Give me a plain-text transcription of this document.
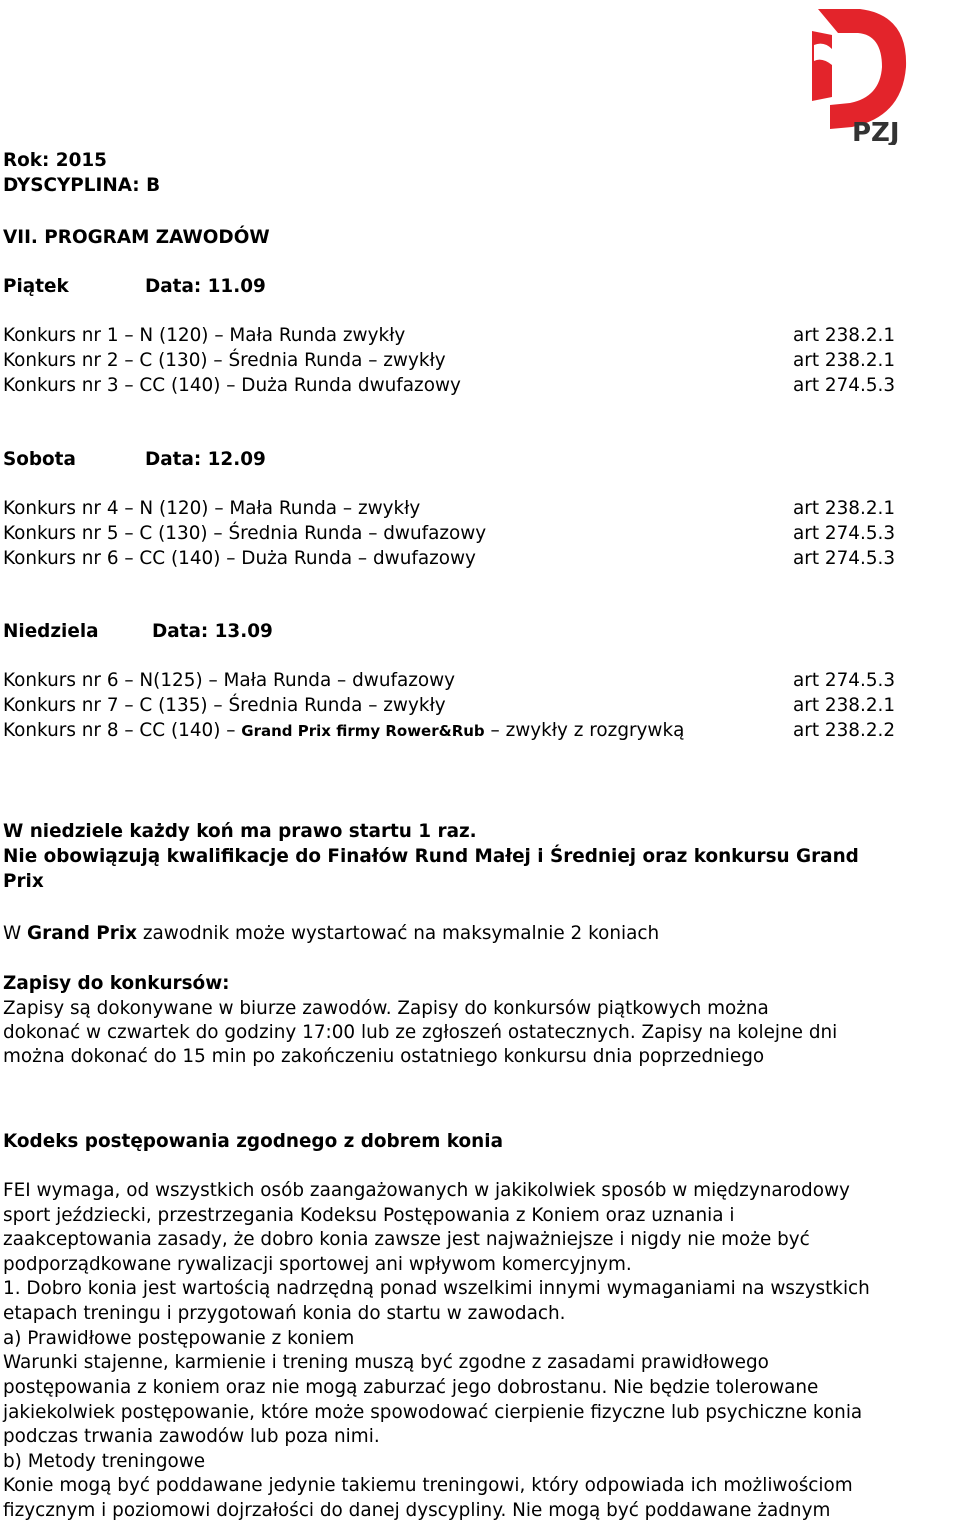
PZJ
Rok: 2015
DYSCYPLINA: B
VII. PROGRAM ZAWODÓW
Piątek	Data: 11.09
Konkurs nr 1 – N (120) – Mała Runda zwykły	art 238.2.1
Konkurs nr 2 – C (130) – Średnia Runda – zwykły	art 238.2.1
Konkurs nr 3 – CC (140) – Duża Runda dwufazowy	art 274.5.3
Sobota	Data: 12.09
Konkurs nr 4 – N (120) – Mała Runda – zwykły	art 238.2.1
Konkurs nr 5 – C (130) – Średnia Runda – dwufazowy	art 274.5.3
Konkurs nr 6 – CC (140) – Duża Runda – dwufazowy	art 274.5.3
Niedziela	Data: 13.09
Konkurs nr 6 – N(125) – Mała Runda – dwufazowy	art 274.5.3
Konkurs nr 7 – C (135) – Średnia Runda – zwykły	art 238.2.1
Konkurs nr 8 – CC (140) – Grand Prix firmy Rower&Rub – zwykły z rozgrywką	art 238.2.2
W niedziele każdy koń ma prawo startu 1 raz.
Nie obowiązują kwalifikacje do Finałów Rund Małej i Średniej oraz konkursu Grand
Prix
W Grand Prix zawodnik może wystartować na maksymalnie 2 koniach
Zapisy do konkursów:
Zapisy są dokonywane w biurze zawodów. Zapisy do konkursów piątkowych można
dokonać w czwartek do godziny 17:00 lub ze zgłoszeń ostatecznych. Zapisy na kolejne dni
można dokonać do 15 min po zakończeniu ostatniego konkursu dnia poprzedniego
Kodeks postępowania zgodnego z dobrem konia
FEI wymaga, od wszystkich osób zaangażowanych w jakikolwiek sposób w międzynarodowy
sport jeździecki, przestrzegania Kodeksu Postępowania z Koniem oraz uznania i
zaakceptowania zasady, że dobro konia zawsze jest najważniejsze i nigdy nie może być
podporządkowane rywalizacji sportowej ani wpływom komercyjnym.
1. Dobro konia jest wartością nadrzędną ponad wszelkimi innymi wymaganiami na wszystkich
etapach treningu i przygotowań konia do startu w zawodach.
a) Prawidłowe postępowanie z koniem
Warunki stajenne, karmienie i trening muszą być zgodne z zasadami prawidłowego
postępowania z koniem oraz nie mogą zaburzać jego dobrostanu. Nie będzie tolerowane
jakiekolwiek postępowanie, które może spowodować cierpienie fizyczne lub psychiczne konia
podczas trwania zawodów lub poza nimi.
b) Metody treningowe
Konie mogą być poddawane jedynie takiemu treningowi, który odpowiada ich możliwościom
fizycznym i poziomowi dojrzałości do danej dyscypliny. Nie mogą być poddawane żadnym
